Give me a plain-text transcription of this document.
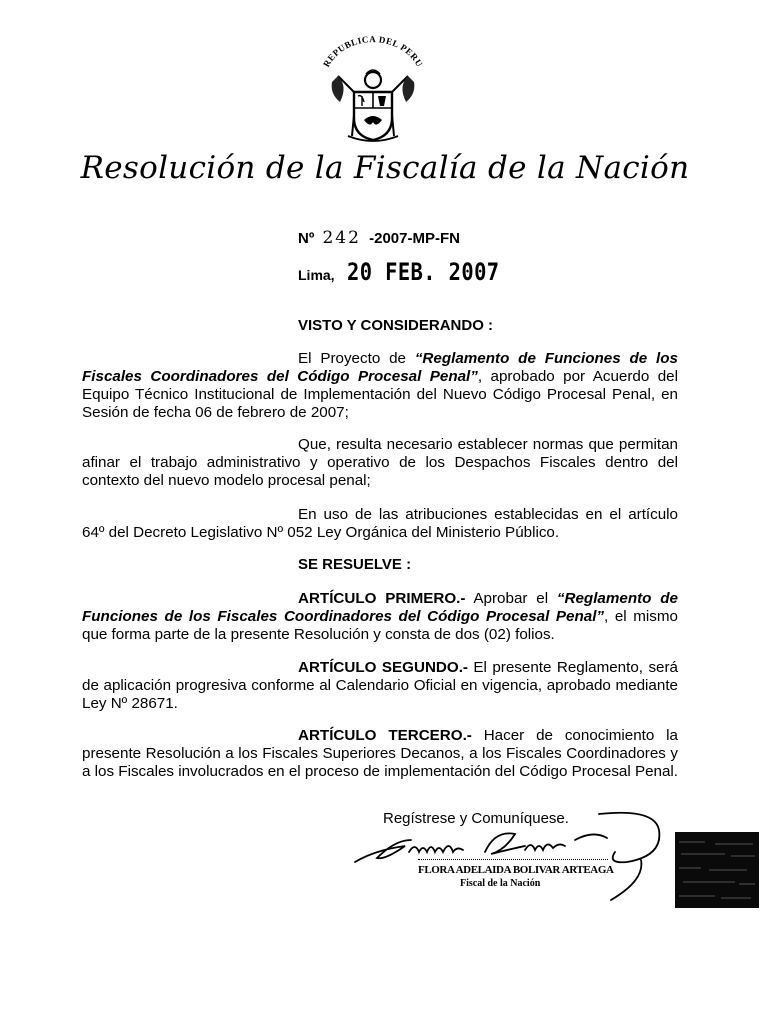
REPUBLICA DEL PERU
Resolución de la Fiscalía de la Nación
Nº 242 -2007-MP-FN
Lima, 20 FEB. 2007
VISTO Y CONSIDERANDO :
El Proyecto de “Reglamento de Funciones de los Fiscales Coordinadores del Código Procesal Penal”, aprobado por Acuerdo del Equipo Técnico Institucional de Implementación del Nuevo Código Procesal Penal, en Sesión de fecha 06 de febrero de 2007;
Que, resulta necesario establecer normas que permitan afinar el trabajo administrativo y operativo de los Despachos Fiscales dentro del contexto del nuevo modelo procesal penal;
En uso de las atribuciones establecidas en el artículo 64º del Decreto Legislativo Nº 052 Ley Orgánica del Ministerio Público.
SE RESUELVE :
ARTÍCULO PRIMERO.- Aprobar el “Reglamento de Funciones de los Fiscales Coordinadores del Código Procesal Penal”, el mismo que forma parte de la presente Resolución y consta de dos (02) folios.
ARTÍCULO SEGUNDO.- El presente Reglamento, será de aplicación progresiva conforme al Calendario Oficial en vigencia, aprobado mediante Ley Nº 28671.
ARTÍCULO TERCERO.- Hacer de conocimiento la presente Resolución a los Fiscales Superiores Decanos, a los Fiscales Coordinadores y a los Fiscales involucrados en el proceso de implementación del Código Procesal Penal.
Regístrese y Comuníquese.
FLORA ADELAIDA BOLIVAR ARTEAGA
Fiscal de la Nación
